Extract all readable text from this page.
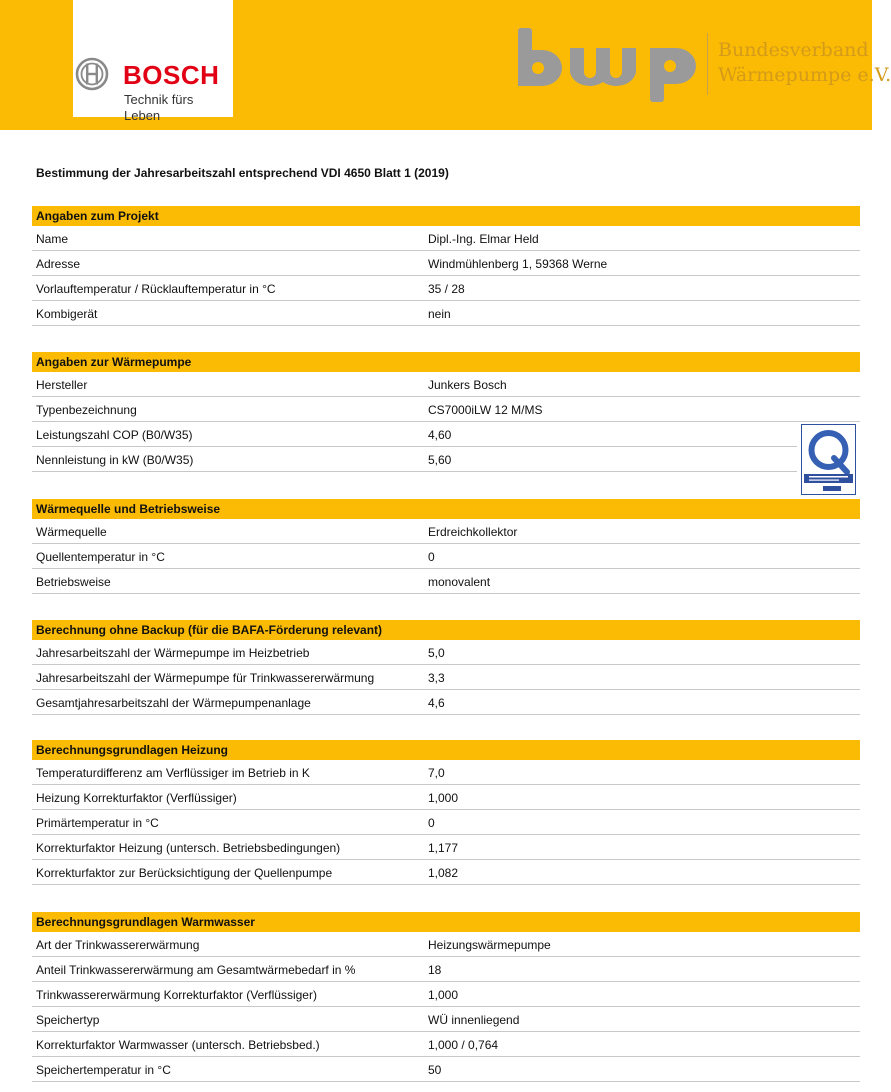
BOSCH
Technik fürs Leben
Bundesverband
Wärmepumpe e.V.
Bestimmung der Jahresarbeitszahl entsprechend VDI 4650 Blatt 1 (2019)
Angaben zum Projekt
Name	Dipl.-Ing. Elmar Held
Adresse	Windmühlenberg 1, 59368 Werne
Vorlauftemperatur / Rücklauftemperatur in °C	35 / 28
Kombigerät	nein
Angaben zur Wärmepumpe
Hersteller	Junkers Bosch
Typenbezeichnung	CS7000iLW 12 M/MS
Leistungszahl COP (B0/W35)	4,60
Nennleistung in kW (B0/W35)	5,60
Wärmequelle und Betriebsweise
Wärmequelle	Erdreichkollektor
Quellentemperatur in °C	0
Betriebsweise	monovalent
Berechnung ohne Backup (für die BAFA-Förderung relevant)
Jahresarbeitszahl der Wärmepumpe im Heizbetrieb	5,0
Jahresarbeitszahl der Wärmepumpe für Trinkwassererwärmung	3,3
Gesamtjahresarbeitszahl der Wärmepumpenanlage	4,6
Berechnungsgrundlagen Heizung
Temperaturdifferenz am Verflüssiger im Betrieb in K	7,0
Heizung Korrekturfaktor (Verflüssiger)	1,000
Primärtemperatur in °C	0
Korrekturfaktor Heizung (untersch. Betriebsbedingungen)	1,177
Korrekturfaktor zur Berücksichtigung der Quellenpumpe	1,082
Berechnungsgrundlagen Warmwasser
Art der Trinkwassererwärmung	Heizungswärmepumpe
Anteil Trinkwassererwärmung am Gesamtwärmebedarf in %	18
Trinkwassererwärmung Korrekturfaktor (Verflüssiger)	1,000
Speichertyp	WÜ innenliegend
Korrekturfaktor Warmwasser (untersch. Betriebsbed.)	1,000 / 0,764
Speichertemperatur in °C	50
